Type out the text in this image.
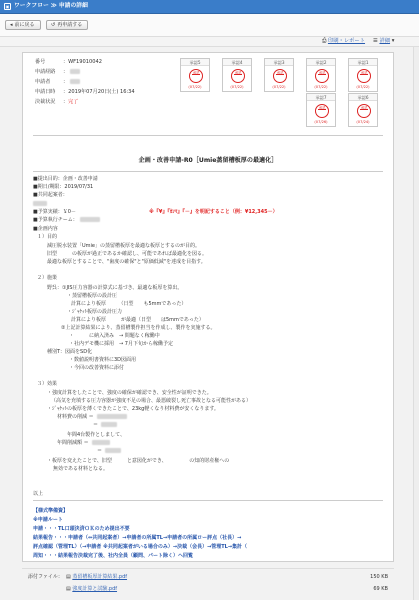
▣ ワークフロー ≫ 申請の詳細
◂ 前に戻る	↺ 再申請する
⎙ 印刷・レポート ☰ 詳細 ▾
番号	：WF19010042
申請経路 ：
申請者 ：
申請日時 ：2019年07月20日(土) 16:34
決裁状況 ：完了
承認5
承認
(07/22)
承認4
承認
(07/22)
承認3
承認
(07/22)
承認2
承認
(07/22)
承認1
承認
(07/22)
承認7
承認
(07/26)
承認6
承認
(07/24)
企画・改善申請-R0［Umie蒸留槽板厚の最適化］
■提出目的：企画・改善申請
■期日/期限：2019/07/31
■共同起案者：
■予算実績：￥0－	※『¥』『ｶﾝﾏ』『－』を明記すること（例：¥12,345－）
■予算執行チーム：
■企画内容
１）目的
減圧脱水装置「Umie」の蒸留槽板厚を最適な板厚とするのが目的。
旧型　　　の板厚が過正であるか確認し、可能であれば最適化を図る。
最適な板厚とすることで、"歯度の確保"と"原価低減"を達成を目指す。
２）施策
野呉：①JIS圧力容器の計算式に基づき、最適な板厚を算出。
・蒸留槽板厚の設計圧
計算により板厚　　　（日型　　も5mmであった）
・ｼﾞｬｹｯﾄ板厚の設計圧力
計算により板厚　　　が最適（日型　　は5mmであった）
②上記計算結果により、蒸留槽製作担当を作成し、製作を実施する。
・　　　に納入済み　→ 問題なく稼働中
・社内デモ機に採用　→ 7月下旬から稼働予定
種別T：図面をSD化
・数値説明書資料に3D図面用
・今回の改善資料に添付
３）効果
・強度計算をしたことで、強度の確保が確認でき、安全性が証明できた。
（高気を充填する圧力容器が強度不足の場合、最悪破裂し死亡事故となる可能性がある）
・ｼﾞｬｹｯﾄの板厚を薄くできたことで、23kg軽くなり材料費が安くなります。
材料費の削減 ＝
＝
年間4台製作としまして、
年間削減額 ＝
＝
・板厚を変えたことで、旧型　　　と意図化ができ、　　　　　の知的財産権への
無効である材料となる。
以上
【様式準備資】
※申請ルート
申請・・・TL口頭決済ＯＫのため提出不要
結果報告・・・申請者（⇔共同起案者）→申請者の所属TL→申請者の所属ロー評点（社長）→
評点確認（管理TL）（→申請者 ※共同起案者がいる場合のみ）→決裁（会長）→管理TL→集計（
周知・・・結果報告決裁完了後、社内全員（顧問、パート除く）へ回覧
添付ファイル： ▤ 蒸留槽板厚計算結果.pdf	150 KB
▤ 強度計算と試験.pdf	69 KB
